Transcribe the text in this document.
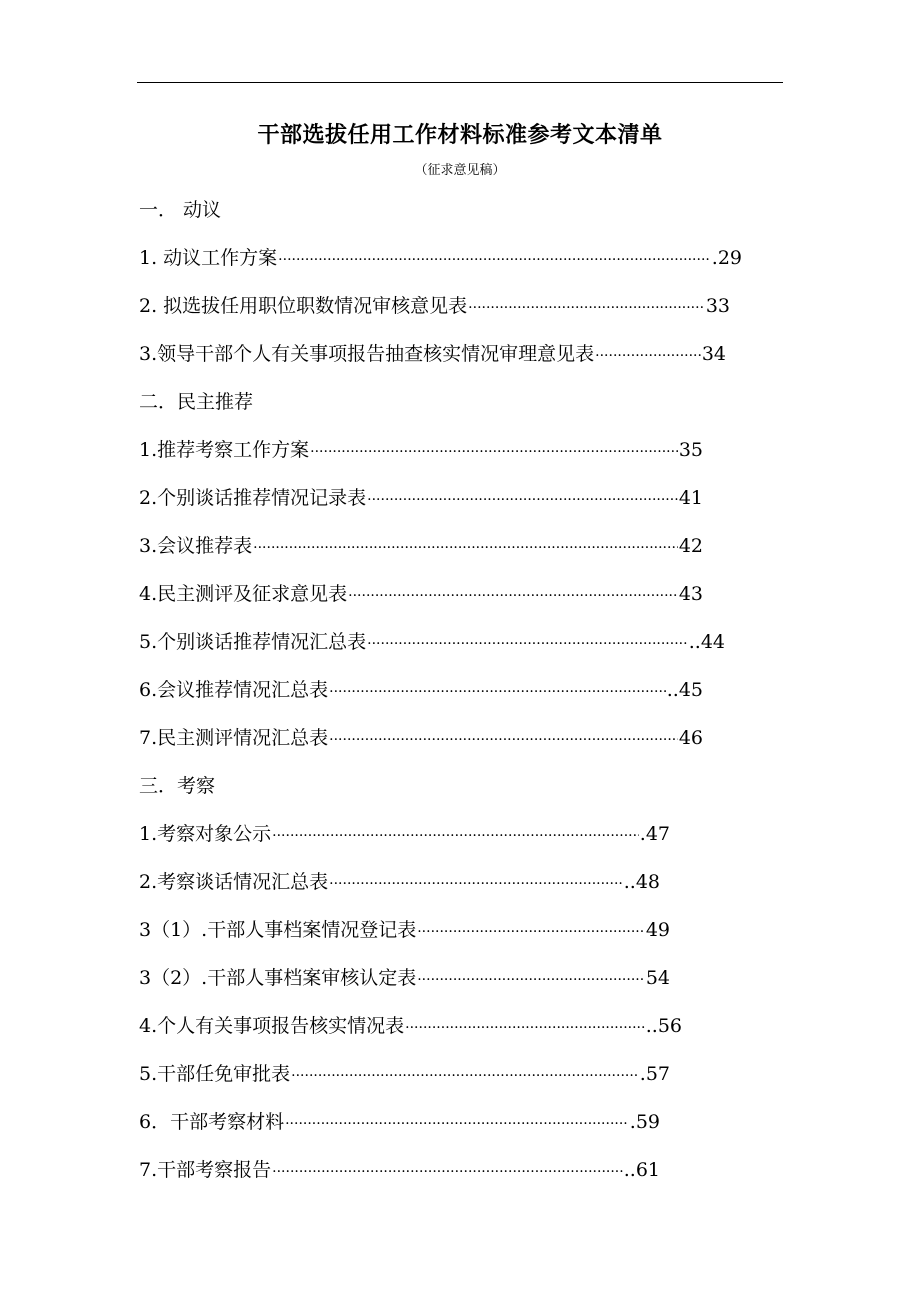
干部选拔任用工作材料标准参考文本清单
（征求意见稿）
一． 动议
1. 动议工作方案 ·····	.29
2. 拟选拔任用职位职数情况审核意见表 ·····	33
3.领导干部个人有关事项报告抽查核实情况审理意见表 ·····	34
二．民主推荐
1.推荐考察工作方案 ·····	35
2.个别谈话推荐情况记录表 ·····	41
3.会议推荐表 ·····	42
4.民主测评及征求意见表 ·····	43
5.个别谈话推荐情况汇总表 ·····	..44
6.会议推荐情况汇总表 ·····	..45
7.民主测评情况汇总表 ·····	46
三．考察
1.考察对象公示 ·····	.47
2.考察谈话情况汇总表 ·····	..48
3（1）.干部人事档案情况登记表 ·····	49
3（2）.干部人事档案审核认定表 ·····	54
4.个人有关事项报告核实情况表 ·····	..56
5.干部任免审批表 ·····	.57
6．干部考察材料 ·····	.59
7.干部考察报告 ·····	..61
